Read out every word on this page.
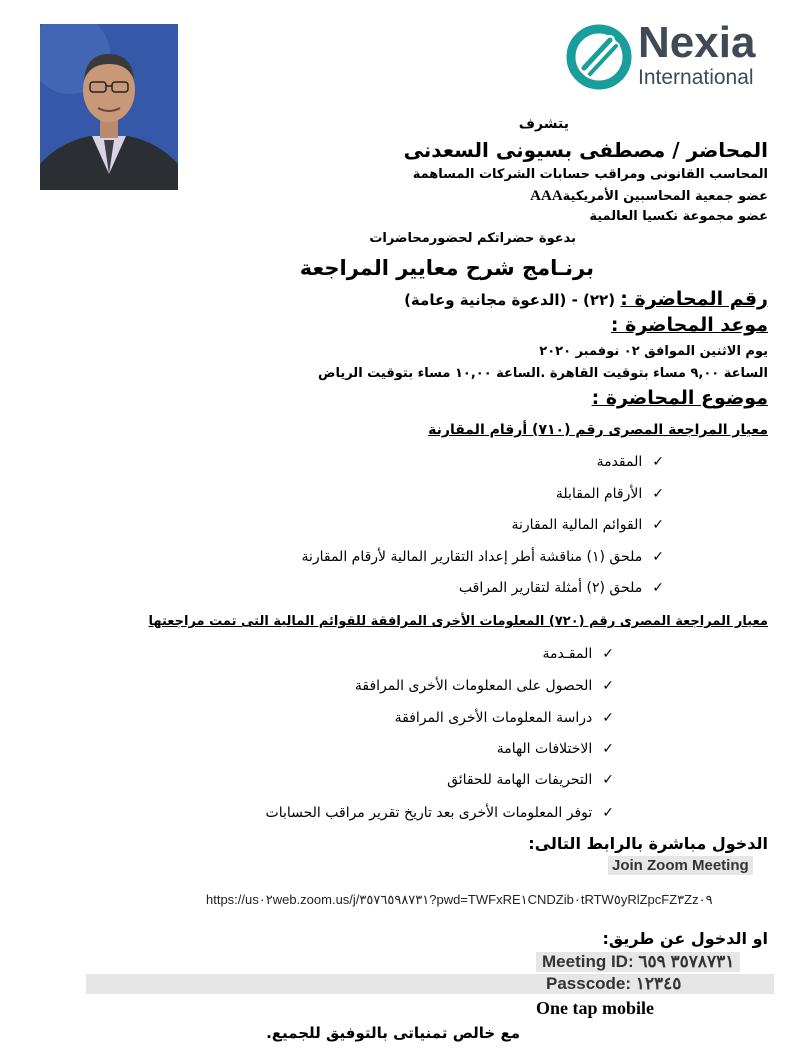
Nexia
International
يتشرف
المحاضر / مصطفى بسيونى السعدنى
المحاسب القانونى ومراقب حسابات الشركات المساهمة
عضو جمعية المحاسبين الأمريكيةAAA
عضو مجموعة نكسيا العالمية
بدعوة حضراتكم لحضورمحاضرات
برنـامج شرح معايير المراجعة
رقم المحاضرة : (٢٢) - (الدعوة مجانية وعامة)
موعد المحاضرة :
يوم الاثنين الموافق ٠٢ نوفمبر ٢٠٢٠
الساعة ٩,٠٠ مساء بتوقيت القاهرة .الساعة ١٠,٠٠ مساء بتوقيت الرياض
موضوع المحاضرة :
معيار المراجعة المصرى رقم (٧١٠) أرقام المقارنة
✓المقدمة
✓الأرقام المقابلة
✓القوائم المالية المقارنة
✓ملحق (١) مناقشة أطر إعداد التقارير المالية لأرقام المقارنة
✓ملحق (٢) أمثلة لتقارير المراقب
معيار المراجعة المصرى رقم (٧٢٠) المعلومات الأخرى المرافقة للقوائم المالية التى تمت مراجعتها
✓المقـدمة
✓الحصول على المعلومات الأخرى المرافقة
✓دراسة المعلومات الأخرى المرافقة
✓الاختلافات الهامة
✓التحريفات الهامة للحقائق
✓توفر المعلومات الأخرى بعد تاريخ تقرير مراقب الحسابات
الدخول مباشرة بالرابط التالى:
Join Zoom Meeting
https://us٠٢web.zoom.us/j/٣٥٧٦٥٩٨٧٣١?pwd=TWFxRE١CNDZib٠tRTW٥yRlZpcFZ٣Zz٠٩
او الدخول عن طريق:
Meeting ID: ٣٥٧٨٧٣١ ٦٥٩
Passcode: ١٢٣٤٥
One tap mobile
مع خالص تمنياتى بالتوفيق للجميع.
